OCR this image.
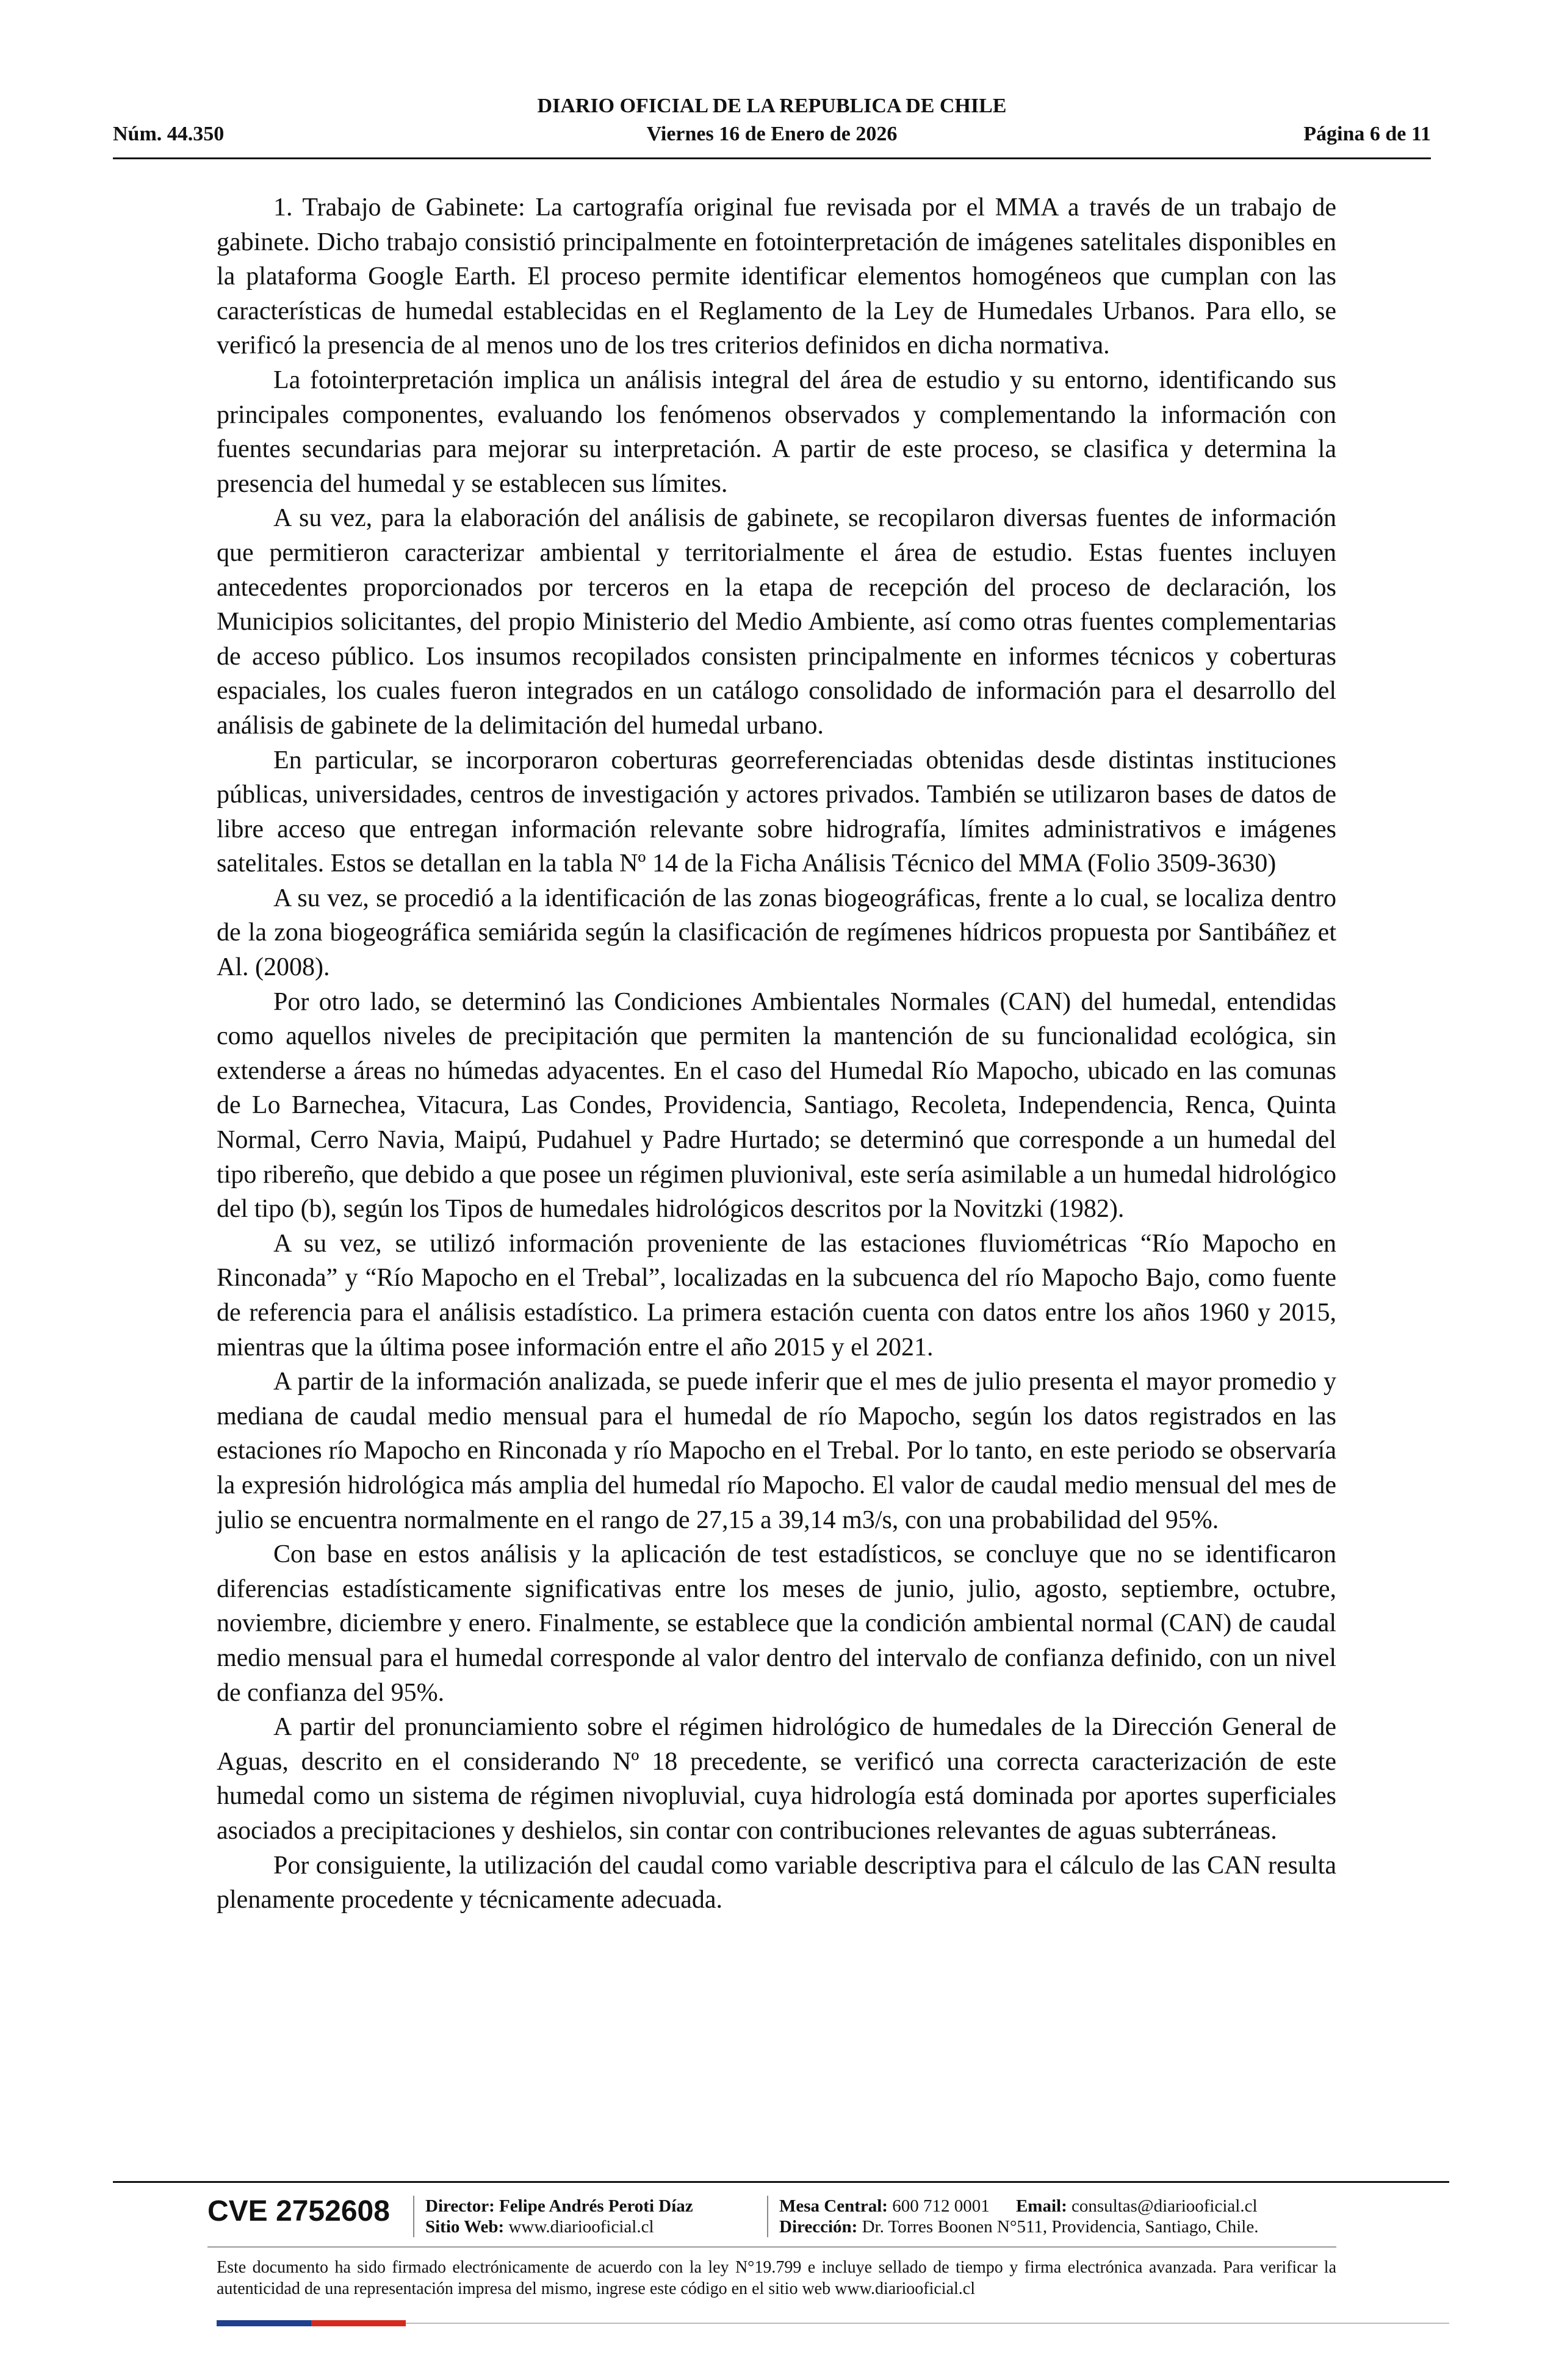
DIARIO OFICIAL DE LA REPUBLICA DE CHILE
Núm. 44.350	Viernes 16 de Enero de 2026	Página 6 de 11

1. Trabajo de Gabinete: La cartografía original fue revisada por el MMA a través de un trabajo de gabinete. Dicho trabajo consistió principalmente en fotointerpretación de imágenes satelitales disponibles en la plataforma Google Earth. El proceso permite identificar elementos homogéneos que cumplan con las características de humedal establecidas en el Reglamento de la Ley de Humedales Urbanos. Para ello, se verificó la presencia de al menos uno de los tres criterios definidos en dicha normativa.

La fotointerpretación implica un análisis integral del área de estudio y su entorno, identificando sus principales componentes, evaluando los fenómenos observados y complementando la información con fuentes secundarias para mejorar su interpretación. A partir de este proceso, se clasifica y determina la presencia del humedal y se establecen sus límites.

A su vez, para la elaboración del análisis de gabinete, se recopilaron diversas fuentes de información que permitieron caracterizar ambiental y territorialmente el área de estudio. Estas fuentes incluyen antecedentes proporcionados por terceros en la etapa de recepción del proceso de declaración, los Municipios solicitantes, del propio Ministerio del Medio Ambiente, así como otras fuentes complementarias de acceso público. Los insumos recopilados consisten principalmente en informes técnicos y coberturas espaciales, los cuales fueron integrados en un catálogo consolidado de información para el desarrollo del análisis de gabinete de la delimitación del humedal urbano.

En particular, se incorporaron coberturas georreferenciadas obtenidas desde distintas instituciones públicas, universidades, centros de investigación y actores privados. También se utilizaron bases de datos de libre acceso que entregan información relevante sobre hidrografía, límites administrativos e imágenes satelitales. Estos se detallan en la tabla Nº 14 de la Ficha Análisis Técnico del MMA (Folio 3509-3630)

A su vez, se procedió a la identificación de las zonas biogeográficas, frente a lo cual, se localiza dentro de la zona biogeográfica semiárida según la clasificación de regímenes hídricos propuesta por Santibáñez et Al. (2008).

Por otro lado, se determinó las Condiciones Ambientales Normales (CAN) del humedal, entendidas como aquellos niveles de precipitación que permiten la mantención de su funcionalidad ecológica, sin extenderse a áreas no húmedas adyacentes. En el caso del Humedal Río Mapocho, ubicado en las comunas de Lo Barnechea, Vitacura, Las Condes, Providencia, Santiago, Recoleta, Independencia, Renca, Quinta Normal, Cerro Navia, Maipú, Pudahuel y Padre Hurtado; se determinó que corresponde a un humedal del tipo ribereño, que debido a que posee un régimen pluvionival, este sería asimilable a un humedal hidrológico del tipo (b), según los Tipos de humedales hidrológicos descritos por la Novitzki (1982).

A su vez, se utilizó información proveniente de las estaciones fluviométricas “Río Mapocho en Rinconada” y “Río Mapocho en el Trebal”, localizadas en la subcuenca del río Mapocho Bajo, como fuente de referencia para el análisis estadístico. La primera estación cuenta con datos entre los años 1960 y 2015, mientras que la última posee información entre el año 2015 y el 2021.

A partir de la información analizada, se puede inferir que el mes de julio presenta el mayor promedio y mediana de caudal medio mensual para el humedal de río Mapocho, según los datos registrados en las estaciones río Mapocho en Rinconada y río Mapocho en el Trebal. Por lo tanto, en este periodo se observaría la expresión hidrológica más amplia del humedal río Mapocho. El valor de caudal medio mensual del mes de julio se encuentra normalmente en el rango de 27,15 a 39,14 m3/s, con una probabilidad del 95%.

Con base en estos análisis y la aplicación de test estadísticos, se concluye que no se identificaron diferencias estadísticamente significativas entre los meses de junio, julio, agosto, septiembre, octubre, noviembre, diciembre y enero. Finalmente, se establece que la condición ambiental normal (CAN) de caudal medio mensual para el humedal corresponde al valor dentro del intervalo de confianza definido, con un nivel de confianza del 95%.

A partir del pronunciamiento sobre el régimen hidrológico de humedales de la Dirección General de Aguas, descrito en el considerando Nº 18 precedente, se verificó una correcta caracterización de este humedal como un sistema de régimen nivopluvial, cuya hidrología está dominada por aportes superficiales asociados a precipitaciones y deshielos, sin contar con contribuciones relevantes de aguas subterráneas.

Por consiguiente, la utilización del caudal como variable descriptiva para el cálculo de las CAN resulta plenamente procedente y técnicamente adecuada.

CVE 2752608 Director: Felipe Andrés Peroti Díaz
Sitio Web: www.diariooficial.cl
Mesa Central: 600 712 0001 Email: consultas@diariooficial.cl
Dirección: Dr. Torres Boonen N°511, Providencia, Santiago, Chile.
Este documento ha sido firmado electrónicamente de acuerdo con la ley N°19.799 e incluye sellado de tiempo y firma electrónica avanzada. Para verificar la autenticidad de una representación impresa del mismo, ingrese este código en el sitio web www.diariooficial.cl
